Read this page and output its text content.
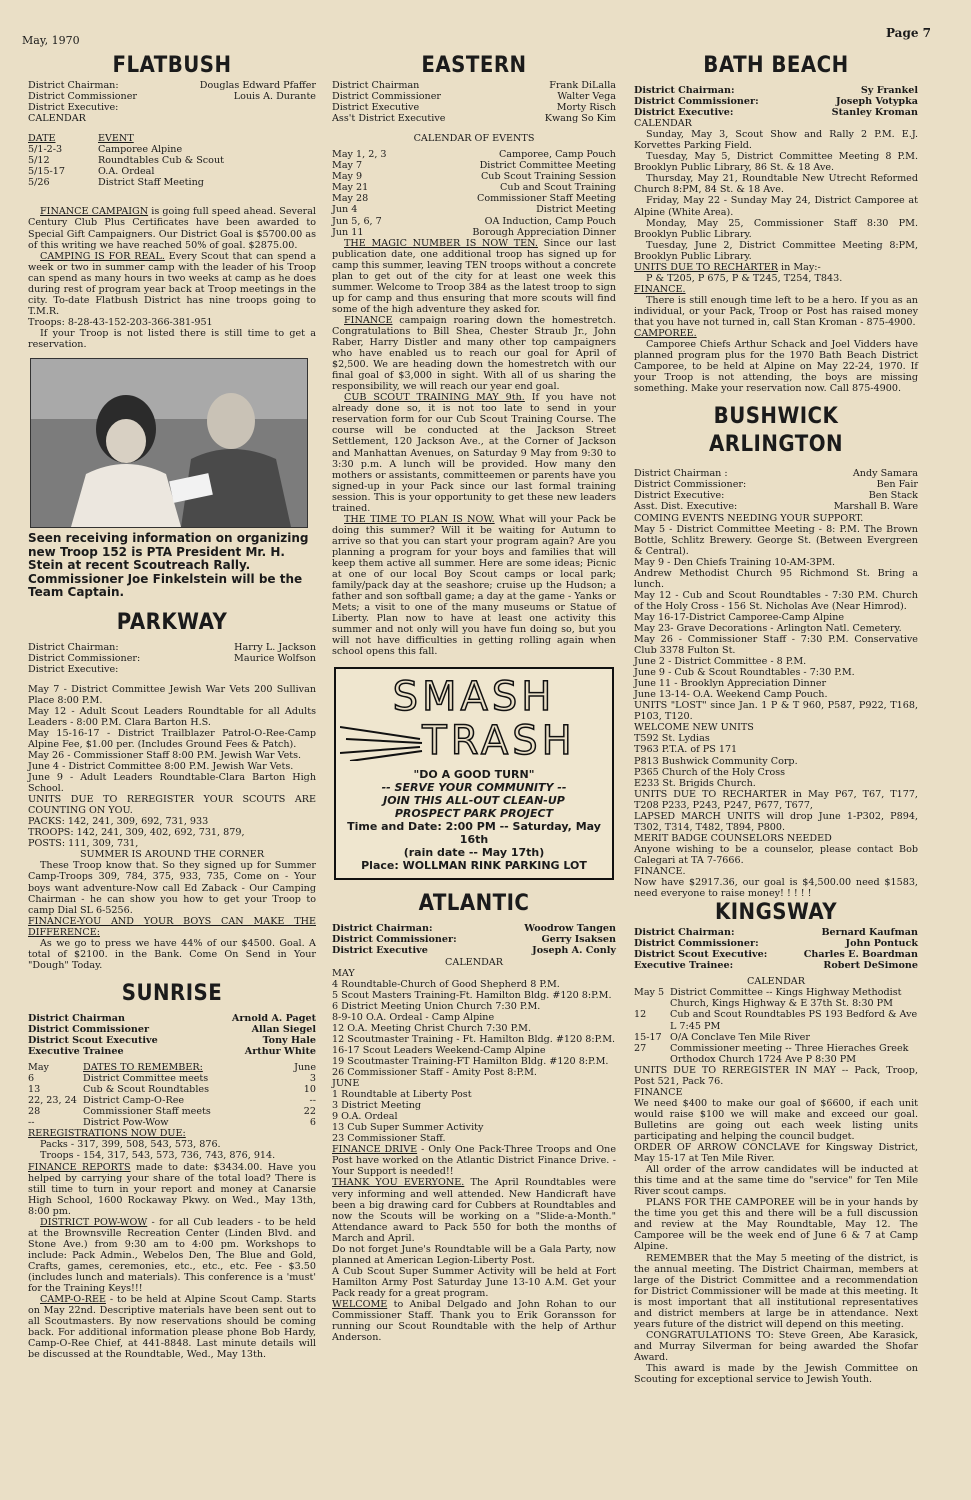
May, 1970
Page 7
FLATBUSH
District Chairman:	Douglas Edward Pfaffer
District Commissioner	Louis A. Durante
District Executive:
CALENDAR
DATE	EVENT
5/1-2-3	Camporee Alpine
5/12	Roundtables Cub & Scout
5/15-17	O.A. Ordeal
5/26	District Staff Meeting

FINANCE CAMPAIGN is going full speed ahead. Several Century Club Plus Certificates have been awarded to Special Gift Campaigners. Our District Goal is $5700.00 as of this writing we have reached 50% of goal. $2875.00.

CAMPING IS FOR REAL. Every Scout that can spend a week or two in summer camp with the leader of his Troop can spend as many hours in two weeks at camp as he does during rest of program year back at Troop meetings in the city. To-date Flatbush District has nine troops going to T.M.R.

Troops: 8-28-43-152-203-366-381-951

If your Troop is not listed there is still time to get a reservation.

Seen receiving information on organizing new Troop 152 is PTA President Mr. H. Stein at recent Scoutreach Rally. Commissioner Joe Finkelstein will be the Team Captain.
PARKWAY
District Chairman:	Harry L. Jackson
District Commissioner:	Maurice Wolfson
District Executive:

May 7 - District Committee Jewish War Vets 200 Sullivan Place 8:00 P.M.

May 12 - Adult Scout Leaders Roundtable for all Adults Leaders - 8:00 P.M. Clara Barton H.S.

May 15-16-17 - District Trailblazer Patrol-O-Ree-Camp Alpine Fee, $1.00 per. (Includes Ground Fees & Patch).

May 26 - Commissioner Staff 8:00 P.M. Jewish War Vets.

June 4 - District Committee 8:00 P.M. Jewish War Vets.

June 9 - Adult Leaders Roundtable-Clara Barton High School.

UNITS DUE TO REREGISTER YOUR SCOUTS ARE COUNTING ON YOU.

PACKS: 142, 241, 309, 692, 731, 933

TROOPS: 142, 241, 309, 402, 692, 731, 879,

POSTS: 111, 309, 731,

SUMMER IS AROUND THE CORNER

These Troop know that. So they signed up for Summer Camp-Troops 309, 784, 375, 933, 735, Come on - Your boys want adventure-Now call Ed Zaback - Our Camping Chairman - he can show you how to get your Troop to camp Dial SL 6-5256.

FINANCE-YOU AND YOUR BOYS CAN MAKE THE DIFFERENCE:

As we go to press we have 44% of our $4500. Goal. A total of $2100. in the Bank. Come On Send in Your "Dough" Today.

SUNRISE
District Chairman	Arnold A. Paget
District Commissioner	Allan Siegel
District Scout Executive	Tony Hale
Executive Trainee	Arthur White
May	DATES TO REMEMBER:	June
6	District Committee meets	3
13	Cub & Scout Roundtables	10
22, 23, 24 District Camp-O-Ree	--
28	Commissioner Staff meets	22
--	District Pow-Wow	6

REREGISTRATIONS NOW DUE:

Packs - 317, 399, 508, 543, 573, 876.

Troops - 154, 317, 543, 573, 736, 743, 876, 914.

FINANCE REPORTS made to date: $3434.00. Have you helped by carrying your share of the total load? There is still time to turn in your report and money at Canarsie High School, 1600 Rockaway Pkwy. on Wed., May 13th, 8:00 pm.

DISTRICT POW-WOW - for all Cub leaders - to be held at the Brownsville Recreation Center (Linden Blvd. and Stone Ave.) from 9:30 am to 4:00 pm. Workshops to include: Pack Admin., Webelos Den, The Blue and Gold, Crafts, games, ceremonies, etc., etc., etc. Fee - $3.50 (includes lunch and materials). This conference is a 'must' for the Training Keys!!!

CAMP-O-REE - to be held at Alpine Scout Camp. Starts on May 22nd. Descriptive materials have been sent out to all Scoutmasters. By now reservations should be coming back. For additional information please phone Bob Hardy, Camp-O-Ree Chief, at 441-8848. Last minute details will be discussed at the Roundtable, Wed., May 13th.

EASTERN
District Chairman	Frank DiLalla
District Commissioner	Walter Vega
District Executive	Morty Risch
Ass't District Executive	Kwang So Kim

CALENDAR OF EVENTS

May 1, 2, 3	Camporee, Camp Pouch
May 7	District Committee Meeting
May 9	Cub Scout Training Session
May 21	Cub and Scout Training
May 28	Commissioner Staff Meeting
Jun 4	District Meeting
Jun 5, 6, 7	OA Induction, Camp Pouch
Jun 11	Borough Appreciation Dinner

THE MAGIC NUMBER IS NOW TEN. Since our last publication date, one additional troop has signed up for camp this summer, leaving TEN troops without a concrete plan to get out of the city for at least one week this summer. Welcome to Troop 384 as the latest troop to sign up for camp and thus ensuring that more scouts will find some of the high adventure they asked for.

FINANCE campaign roaring down the homestretch. Congratulations to Bill Shea, Chester Straub Jr., John Raber, Harry Distler and many other top campaigners who have enabled us to reach our goal for April of $2,500. We are heading down the homestretch with our final goal of $3,000 in sight. With all of us sharing the responsibility, we will reach our year end goal.

CUB SCOUT TRAINING MAY 9th. If you have not already done so, it is not too late to send in your reservation form for our Cub Scout Training Course. The course will be conducted at the Jackson Street Settlement, 120 Jackson Ave., at the Corner of Jackson and Manhattan Avenues, on Saturday 9 May from 9:30 to 3:30 p.m. A lunch will be provided. How many den mothers or assistants, committeemen or parents have you signed-up in your Pack since our last formal training session. This is your opportunity to get these new leaders trained.

THE TIME TO PLAN IS NOW. What will your Pack be doing this summer? Will it be waiting for Autumn to arrive so that you can start your program again? Are you planning a program for your boys and families that will keep them active all summer. Here are some ideas; Picnic at one of our local Boy Scout camps or local park; family/pack day at the seashore; cruise up the Hudson; a father and son softball game; a day at the game - Yanks or Mets; a visit to one of the many museums or Statue of Liberty. Plan now to have at least one activity this summer and not only will you have fun doing so, but you will not have difficulties in getting rolling again when school opens this fall.

SMASH
TRASH
"DO A GOOD TURN"
-- SERVE YOUR COMMUNITY --
JOIN THIS ALL-OUT CLEAN-UP
PROSPECT PARK PROJECT
Time and Date: 2:00 PM -- Saturday, May 16th
(rain date -- May 17th)
Place: WOLLMAN RINK PARKING LOT
ATLANTIC
District Chairman:	Woodrow Tangen
District Commissioner:	Gerry Isaksen
District Executive	Joseph A. Conly

CALENDAR

MAY

4 Roundtable-Church of Good Shepherd 8 P.M.

5 Scout Masters Training-Ft. Hamilton Bldg. #120 8:P.M.

6 District Meeting Union Church 7:30 P.M.

8-9-10 O.A. Ordeal - Camp Alpine

12 O.A. Meeting Christ Church 7:30 P.M.

12 Scoutmaster Training - Ft. Hamilton Bldg. #120 8:P.M.

16-17 Scout Leaders Weekend-Camp Alpine

19 Scoutmaster Training-FT Hamilton Bldg. #120 8:P.M.

26 Commissioner Staff - Amity Post 8:P.M.

JUNE

1 Roundtable at Liberty Post

3 District Meeting

9 O.A. Ordeal

13 Cub Super Summer Activity

23 Commissioner Staff.

FINANCE DRIVE - Only One Pack-Three Troops and One Post have worked on the Atlantic District Finance Drive. - Your Support is needed!!

THANK YOU EVERYONE. The April Roundtables were very informing and well attended. New Handicraft have been a big drawing card for Cubbers at Roundtables and now the Scouts will be working on a "Slide-a-Month." Attendance award to Pack 550 for both the months of March and April.

Do not forget June's Roundtable will be a Gala Party, now planned at American Legion-Liberty Post.

A Cub Scout Super Summer Activity will be held at Fort Hamilton Army Post Saturday June 13-10 A.M. Get your Pack ready for a great program.

WELCOME to Anibal Delgado and John Rohan to our Commissioner Staff. Thank you to Erik Goransson for running our Scout Roundtable with the help of Arthur Anderson.

BATH BEACH
District Chairman:	Sy Frankel
District Commissioner:	Joseph Votypka
District Executive:	Stanley Kroman

CALENDAR

Sunday, May 3, Scout Show and Rally 2 P.M. E.J. Korvettes Parking Field.

Tuesday, May 5, District Committee Meeting 8 P.M. Brooklyn Public Library, 86 St. & 18 Ave.

Thursday, May 21, Roundtable New Utrecht Reformed Church 8:PM, 84 St. & 18 Ave.

Friday, May 22 - Sunday May 24, District Camporee at Alpine (White Area).

Monday, May 25, Commissioner Staff 8:30 PM. Brooklyn Public Library.

Tuesday, June 2, District Committee Meeting 8:PM, Brooklyn Public Library.

UNITS DUE TO RECHARTER in May:-

P & T205, P 675, P & T245, T254, T843.

FINANCE.

There is still enough time left to be a hero. If you as an individual, or your Pack, Troop or Post has raised money that you have not turned in, call Stan Kroman - 875-4900.

CAMPOREE.

Camporee Chiefs Arthur Schack and Joel Vidders have planned program plus for the 1970 Bath Beach District Camporee, to be held at Alpine on May 22-24, 1970. If your Troop is not attending, the boys are missing something. Make your reservation now. Call 875-4900.

BUSHWICK ARLINGTON
District Chairman :	Andy Samara
District Commissioner:	Ben Fair
District Executive:	Ben Stack
Asst. Dist. Executive:	Marshall B. Ware

COMING EVENTS NEEDING YOUR SUPPORT.

May 5 - District Committee Meeting - 8: P.M. The Brown Bottle, Schlitz Brewery. George St. (Between Evergreen & Central).

May 9 - Den Chiefs Training 10-AM-3PM.

Andrew Methodist Church 95 Richmond St. Bring a lunch.

May 12 - Cub and Scout Roundtables - 7:30 P.M. Church of the Holy Cross - 156 St. Nicholas Ave (Near Himrod).

May 16-17-District Camporee-Camp Alpine

May 23- Grave Decorations - Arlington Natl. Cemetery.

May 26 - Commissioner Staff - 7:30 P.M. Conservative Club 3378 Fulton St.

June 2 - District Committee - 8 P.M.

June 9 - Cub & Scout Roundtables - 7:30 P.M.

June 11 - Brooklyn Appreciation Dinner

June 13-14- O.A. Weekend Camp Pouch.

UNITS "LOST" since Jan. 1 P & T 960, P587, P922, T168, P103, T120.

WELCOME NEW UNITS

T592 St. Lydias

T963 P.T.A. of PS 171

P813 Bushwick Community Corp.

P365 Church of the Holy Cross

E233 St. Brigids Church.

UNITS DUE TO RECHARTER in May P67, T67, T177, T208 P233, P243, P247, P677, T677,

LAPSED MARCH UNITS will drop June 1-P302, P894, T302, T314, T482, T894, P800.

MERIT BADGE COUNSELORS NEEDED

Anyone wishing to be a counselor, please contact Bob Calegari at TA 7-7666.

FINANCE.

Now have $2917.36, our goal is $4,500.00 need $1583, need everyone to raise money! ! ! ! !

KINGSWAY
District Chairman:	Bernard Kaufman
District Commissioner:	John Pontuck
District Scout Executive:	Charles E. Boardman
Executive Trainee:	Robert DeSimone

CALENDAR

May 5 District Committee -- Kings Highway Methodist Church, Kings Highway & E 37th St. 8:30 PM
12	Cub and Scout Roundtables PS 193 Bedford & Ave L 7:45 PM
15-17 O/A Conclave Ten Mile River
27	Commissioner meeting -- Three Hieraches Greek Orthodox Church 1724 Ave P 8:30 PM

UNITS DUE TO REREGISTER IN MAY -- Pack, Troop, Post 521, Pack 76.

FINANCE

We need $400 to make our goal of $6600, if each unit would raise $100 we will make and exceed our goal. Bulletins are going out each week listing units participating and helping the council budget.

ORDER OF ARROW CONCLAVE for Kingsway District, May 15-17 at Ten Mile River.

All order of the arrow candidates will be inducted at this time and at the same time do "service" for Ten Mile River scout camps.

PLANS FOR THE CAMPOREE will be in your hands by the time you get this and there will be a full discussion and review at the May Roundtable, May 12. The Camporee will be the week end of June 6 & 7 at Camp Alpine.

REMEMBER that the May 5 meeting of the district, is the annual meeting. The District Chairman, members at large of the District Committee and a recommendation for District Commissioner will be made at this meeting. It is most important that all institutional representatives and district members at large be in attendance. Next years future of the district will depend on this meeting.

CONGRATULATIONS TO: Steve Green, Abe Karasick, and Murray Silverman for being awarded the Shofar Award.

This award is made by the Jewish Committee on Scouting for exceptional service to Jewish Youth.
